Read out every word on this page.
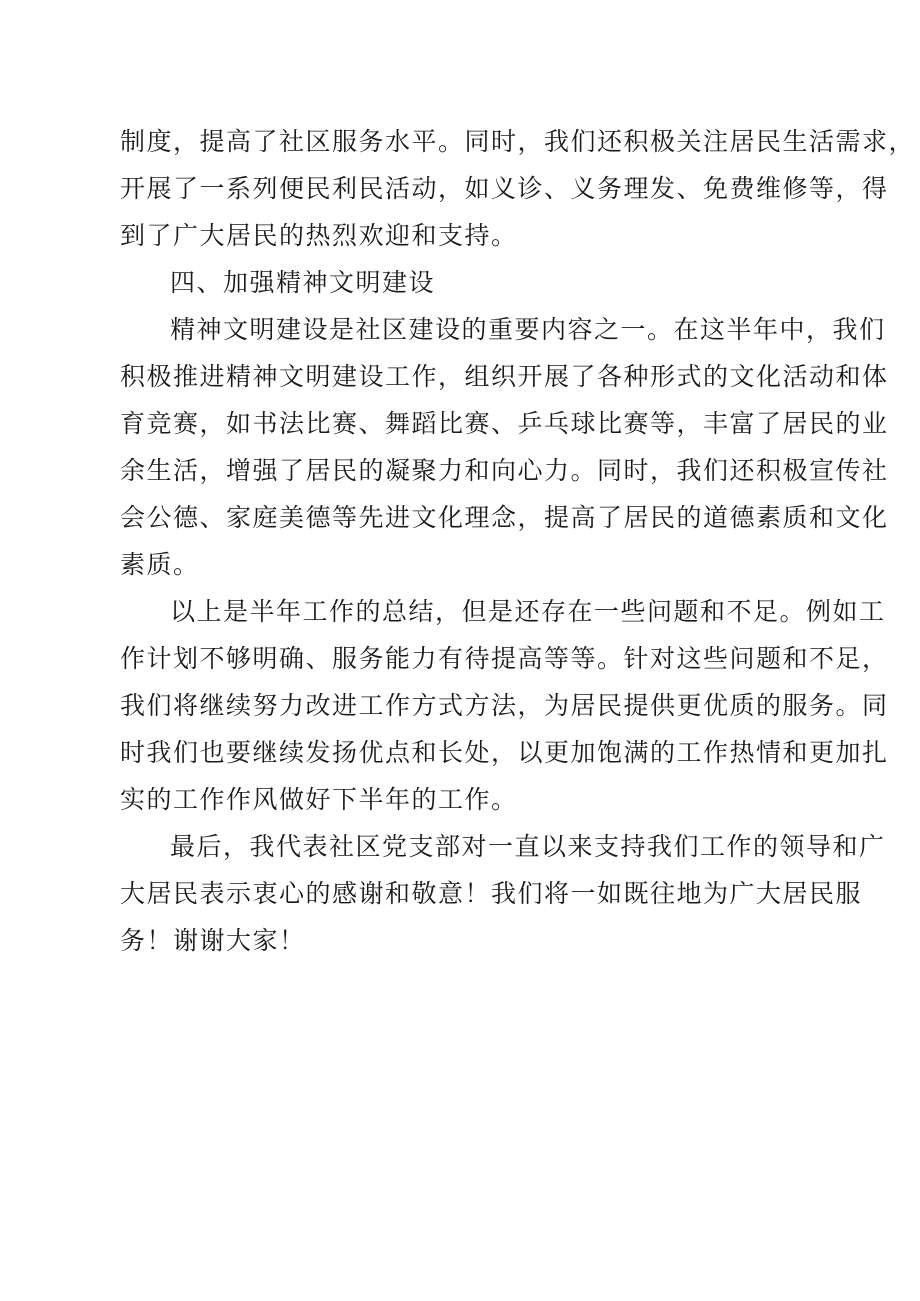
制度，提高了社区服务水平。同时，我们还积极关注居民生活需求，
开展了一系列便民利民活动，如义诊、义务理发、免费维修等，得
到了广大居民的热烈欢迎和支持。
四、加强精神文明建设
精神文明建设是社区建设的重要内容之一。在这半年中，我们
积极推进精神文明建设工作，组织开展了各种形式的文化活动和体
育竞赛，如书法比赛、舞蹈比赛、乒乓球比赛等，丰富了居民的业
余生活，增强了居民的凝聚力和向心力。同时，我们还积极宣传社
会公德、家庭美德等先进文化理念，提高了居民的道德素质和文化
素质。
以上是半年工作的总结，但是还存在一些问题和不足。例如工
作计划不够明确、服务能力有待提高等等。针对这些问题和不足，
我们将继续努力改进工作方式方法，为居民提供更优质的服务。同
时我们也要继续发扬优点和长处，以更加饱满的工作热情和更加扎
实的工作作风做好下半年的工作。
最后，我代表社区党支部对一直以来支持我们工作的领导和广
大居民表示衷心的感谢和敬意！我们将一如既往地为广大居民服
务！谢谢大家！
